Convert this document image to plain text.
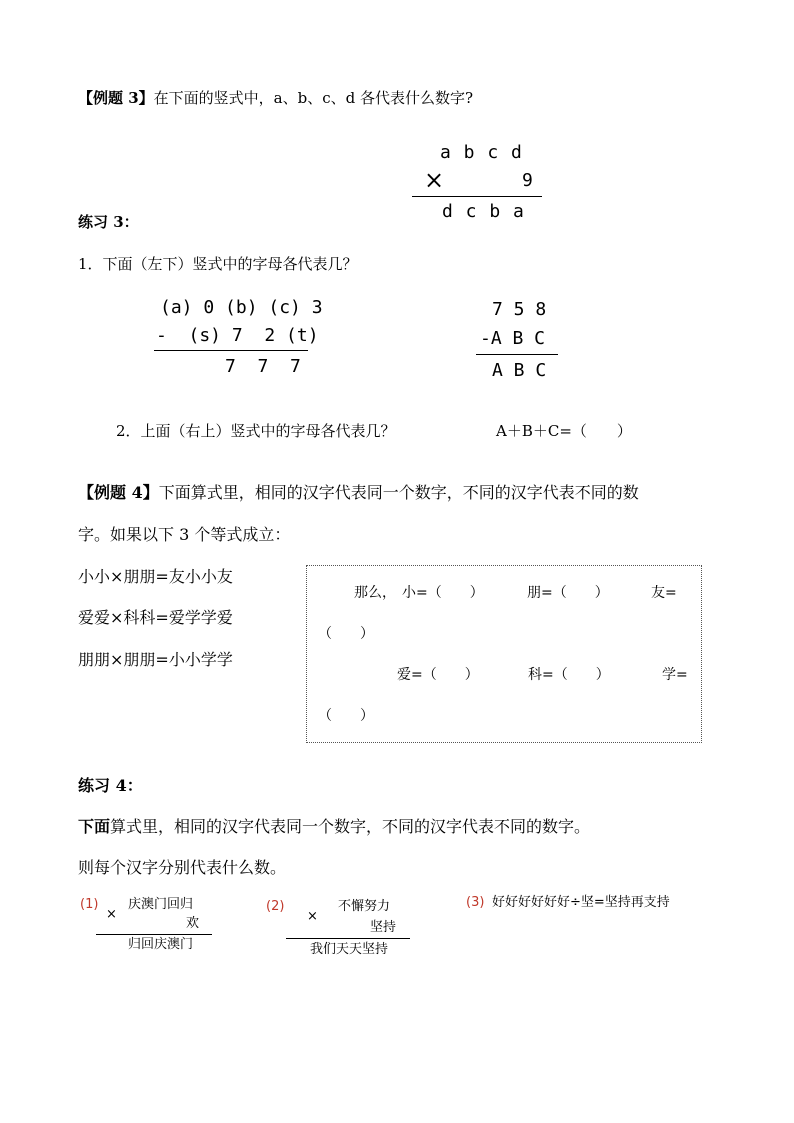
【例题 3】在下面的竖式中，a、b、c、d 各代表什么数字?
a b c d
×	9
d c b a
练习 3：
1．下面（左下）竖式中的字母各代表几？
(a) 0 (b) (c) 3
-  (s) 7  2 (t)
7  7  7
7 5 8
-A B C
A B C
2．上面（右上）竖式中的字母各代表几？	A＋B＋C=（　　）
【例题 4】下面算式里，相同的汉字代表同一个数字，不同的汉字代表不同的数
字。如果以下 3 个等式成立：
小小×朋朋=友小小友
爱爱×科科=爱学学爱
朋朋×朋朋=小小学学
那么， 小=（　　）	朋=（　　）	友=
（　　）
爱=（　　）	科=（　　）	学=
（　　）
练习 4：
下面算式里，相同的汉字代表同一个数字，不同的汉字代表不同的数字。
则每个汉字分别代表什么数。
(1)
×
庆澳门回归
欢
归回庆澳门
(2)
×
不懈努力
坚持
我们天天坚持
(3) 好好好好好好÷坚=坚持再支持
